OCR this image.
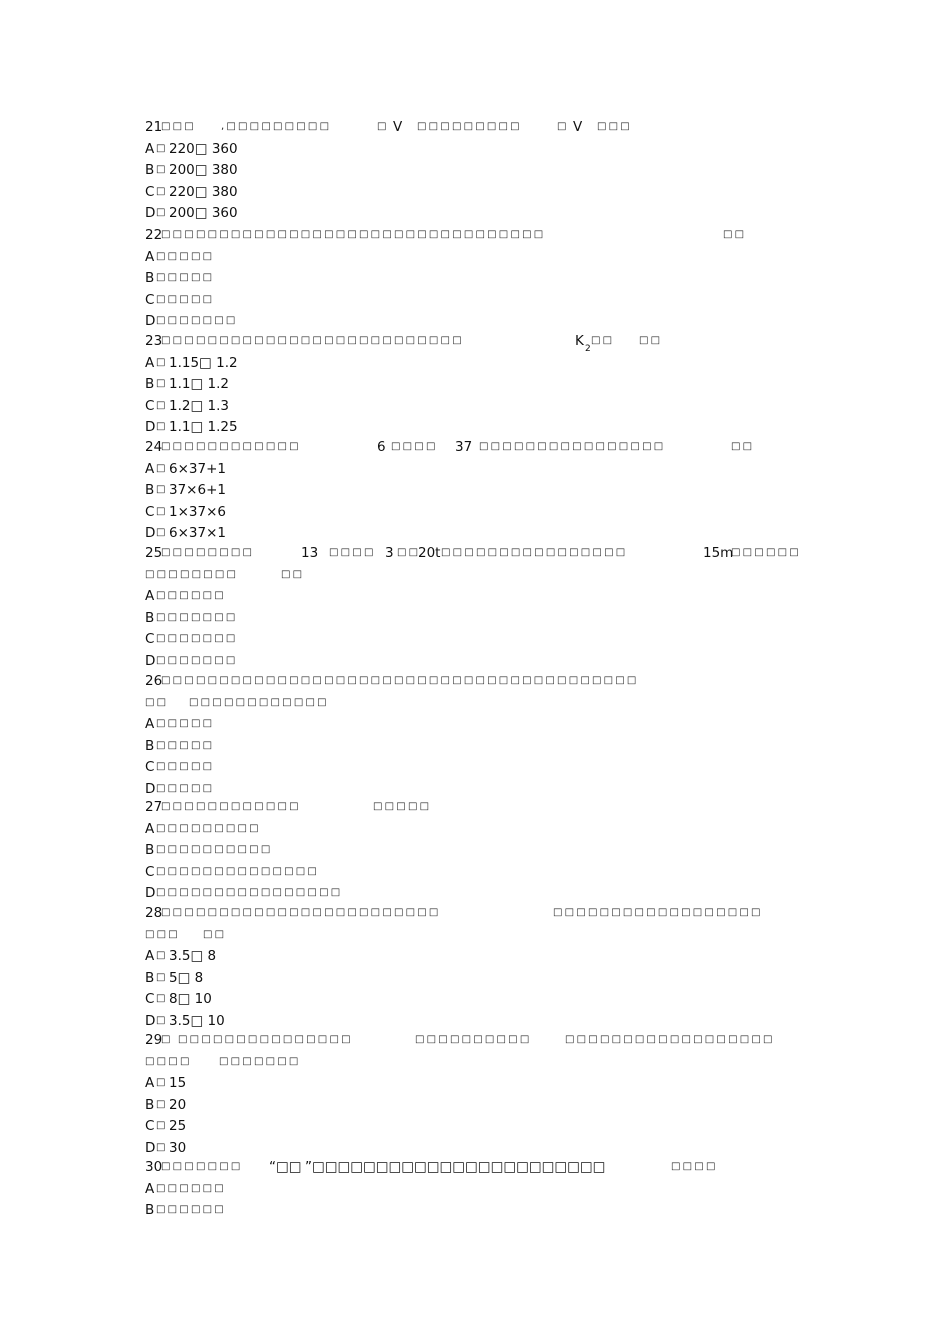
21
□□□	,□□□□□□□□□	□ V □□□□□□□□□	□ V □□□
A □ 220□ 360
B □ 200□ 380
C □ 220□ 380
D □ 200□ 360
22
□□□□□□□□□□□□□□□□□□□□□□□□□□□□□□□□□	□□
A □□□□□
B □□□□□
C □□□□□
D □□□□□□□
23
□□□□□□□□□□□□□□□□□□□□□□□□□□	K 2
□□ □□
A □ 1.15□ 1.2
B □ 1.1□ 1.2
C □ 1.2□ 1.3
D □ 1.1□ 1.25
24
□□□□□□□□□□□□	6 □□□□ 37 □□□□□□□□□□□□□□□□	□□
A □ 6×37+1
B □ 37×6+1
C □ 1×37×6
D □ 6×37×1
25
□□□□□□□□	13 □□□□ 3 □□
20t □□□□□□□□□□□□□□□□	15m
□□□□□□
□□□□□□□□	□□
A □□□□□□
B □□□□□□□
C □□□□□□□
D □□□□□□□
26
□□□□□□□□□□□□□□□□□□□□□□□□□□□□□□□□□□□□□□□□□
□□ □□□□□□□□□□□□
A □□□□□
B □□□□□
C □□□□□
D □□□□□
27
□□□□□□□□□□□□	□□□□□
A □□□□□□□□□
B □□□□□□□□□□
C □□□□□□□□□□□□□□
D □□□□□□□□□□□□□□□□
28
□□□□□□□□□□□□□□□□□□□□□□□□	□□□□□□□□□□□□□□□□□□
□□□ □□
A □ 3.5□ 8
B □ 5□ 8
C □ 8□ 10
D □ 3.5□ 10
29
□ □□□□□□□□□□□□□□□	□□□□□□□□□□	□□□□□□□□□□□□□□□□□□
□□□□	□□□□□□□
A □ 15
B □ 20
C □ 25
D □ 30
30
□□□□□□□ “□□ ”□□□□□□□□□□□□□□□□□□□□□□□	□□□□
A □□□□□□
B □□□□□□
